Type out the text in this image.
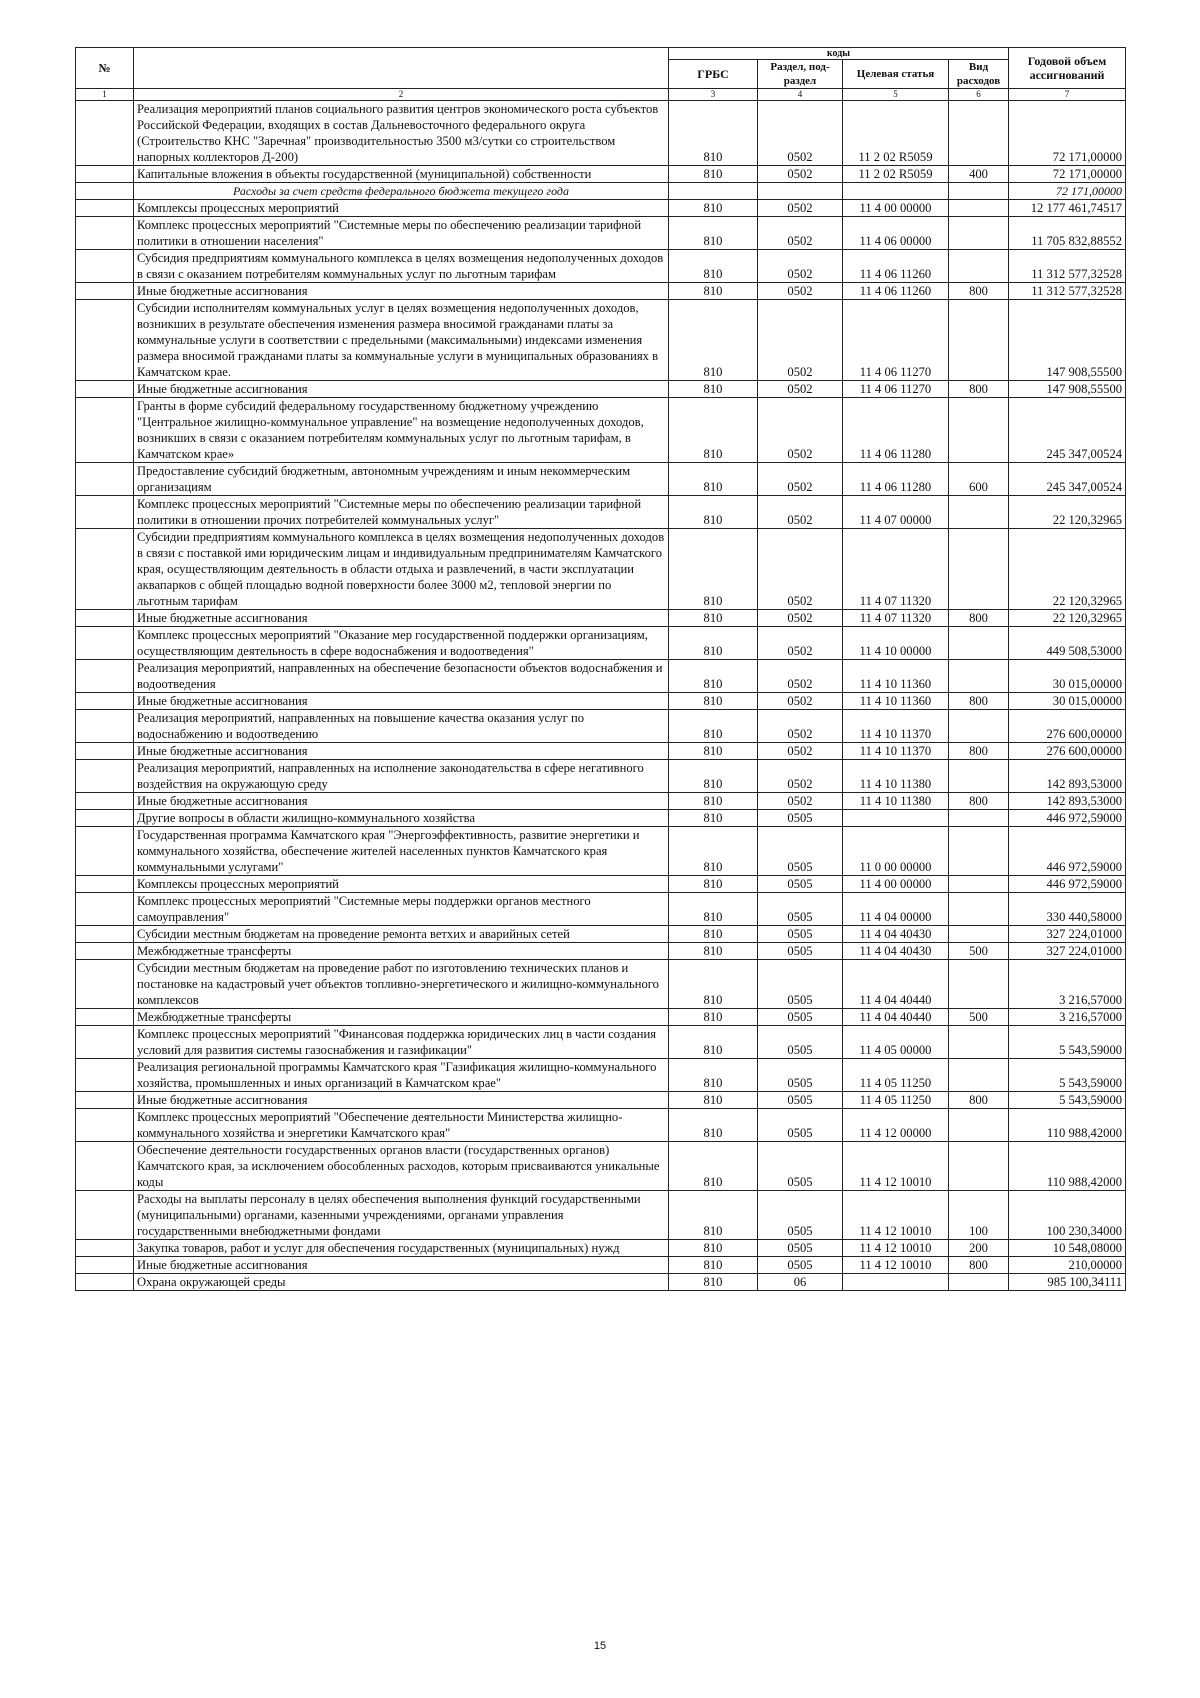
№		коды				Годовой объем ассигнований
		ГРБС	Раздел, под-раздел	Целевая статья	Вид расходов	
1	2	3	4	5	6	7
	Реализация мероприятий планов социального развития центров экономического роста субъектов Российской Федерации, входящих в состав Дальневосточного федерального округа (Строительство КНС "Заречная" производительностью 3500 м3/сутки со строительством напорных коллекторов Д-200)	810	0502	11 2 02 R5059		72 171,00000
	Капитальные вложения в объекты государственной (муниципальной) собственности	810	0502	11 2 02 R5059	400	72 171,00000
	Расходы за счет средств федерального бюджета текущего года					72 171,00000
	Комплексы процессных мероприятий	810	0502	11 4 00 00000		12 177 461,74517
	Комплекс процессных мероприятий "Системные меры по обеспечению реализации тарифной политики в отношении населения"	810	0502	11 4 06 00000		11 705 832,88552
	Субсидия предприятиям коммунального комплекса в целях возмещения недополученных доходов в связи с оказанием потребителям коммунальных услуг по льготным тарифам	810	0502	11 4 06 11260		11 312 577,32528
	Иные бюджетные ассигнования	810	0502	11 4 06 11260	800	11 312 577,32528
	Субсидии исполнителям коммунальных услуг в целях возмещения недополученных доходов, возникших в результате обеспечения изменения размера вносимой гражданами платы за коммунальные услуги в соответствии с предельными (максимальными) индексами изменения размера вносимой гражданами платы за коммунальные услуги в муниципальных образованиях в Камчатском крае.	810	0502	11 4 06 11270		147 908,55500
	Иные бюджетные ассигнования	810	0502	11 4 06 11270	800	147 908,55500
	Гранты в форме субсидий федеральному государственному бюджетному учреждению "Центральное жилищно-коммунальное управление" на возмещение недополученных доходов, возникших в связи с оказанием потребителям коммунальных услуг по льготным тарифам, в Камчатском крае»	810	0502	11 4 06 11280		245 347,00524
	Предоставление субсидий бюджетным, автономным учреждениям и иным некоммерческим организациям	810	0502	11 4 06 11280	600	245 347,00524
	Комплекс процессных мероприятий "Системные меры по обеспечению реализации тарифной политики в отношении прочих потребителей коммунальных услуг"	810	0502	11 4 07 00000		22 120,32965
	Субсидии предприятиям коммунального комплекса в целях возмещения недополученных доходов в связи с поставкой ими юридическим лицам и индивидуальным предпринимателям Камчатского края, осуществляющим деятельность в области отдыха и развлечений, в части эксплуатации аквапарков с общей площадью водной поверхности более 3000 м2, тепловой энергии по льготным тарифам	810	0502	11 4 07 11320		22 120,32965
	Иные бюджетные ассигнования	810	0502	11 4 07 11320	800	22 120,32965
	Комплекс процессных мероприятий "Оказание мер государственной поддержки организациям, осуществляющим деятельность в сфере водоснабжения и водоотведения"	810	0502	11 4 10 00000		449 508,53000
	Реализация мероприятий, направленных на обеспечение безопасности объектов водоснабжения и водоотведения	810	0502	11 4 10 11360		30 015,00000
	Иные бюджетные ассигнования	810	0502	11 4 10 11360	800	30 015,00000
	Реализация мероприятий, направленных на повышение качества оказания услуг по водоснабжению и водоотведению	810	0502	11 4 10 11370		276 600,00000
	Иные бюджетные ассигнования	810	0502	11 4 10 11370	800	276 600,00000
	Реализация мероприятий, направленных на исполнение законодательства в сфере негативного воздействия на окружающую среду	810	0502	11 4 10 11380		142 893,53000
	Иные бюджетные ассигнования	810	0502	11 4 10 11380	800	142 893,53000
	Другие вопросы в области жилищно-коммунального хозяйства	810	0505			446 972,59000
	Государственная программа Камчатского края "Энергоэффективность, развитие энергетики и коммунального хозяйства, обеспечение жителей населенных пунктов Камчатского края коммунальными услугами"	810	0505	11 0 00 00000		446 972,59000
	Комплексы процессных мероприятий	810	0505	11 4 00 00000		446 972,59000
	Комплекс процессных мероприятий "Системные меры поддержки органов местного самоуправления"	810	0505	11 4 04 00000		330 440,58000
	Субсидии местным бюджетам на проведение ремонта ветхих и аварийных сетей	810	0505	11 4 04 40430		327 224,01000
	Межбюджетные трансферты	810	0505	11 4 04 40430	500	327 224,01000
	Субсидии местным бюджетам на проведение работ по изготовлению технических планов и постановке на кадастровый учет объектов топливно-энергетического и жилищно-коммунального комплексов	810	0505	11 4 04 40440		3 216,57000
	Межбюджетные трансферты	810	0505	11 4 04 40440	500	3 216,57000
	Комплекс процессных мероприятий "Финансовая поддержка юридических лиц в части создания условий для развития системы газоснабжения и газификации"	810	0505	11 4 05 00000		5 543,59000
	Реализация региональной программы Камчатского края "Газификация жилищно-коммунального хозяйства, промышленных и иных организаций в Камчатском крае"	810	0505	11 4 05 11250		5 543,59000
	Иные бюджетные ассигнования	810	0505	11 4 05 11250	800	5 543,59000
	Комплекс процессных мероприятий "Обеспечение деятельности Министерства жилищно-коммунального хозяйства и энергетики Камчатского края"	810	0505	11 4 12 00000		110 988,42000
	Обеспечение деятельности государственных органов власти (государственных органов) Камчатского края, за исключением обособленных расходов, которым присваиваются уникальные коды	810	0505	11 4 12 10010		110 988,42000
	Расходы на выплаты персоналу в целях обеспечения выполнения функций государственными (муниципальными) органами, казенными учреждениями, органами управления государственными внебюджетными фондами	810	0505	11 4 12 10010	100	100 230,34000
	Закупка товаров, работ и услуг для обеспечения государственных (муниципальных) нужд	810	0505	11 4 12 10010	200	10 548,08000
	Иные бюджетные ассигнования	810	0505	11 4 12 10010	800	210,00000
	Охрана окружающей среды	810	06			985 100,34111
15
